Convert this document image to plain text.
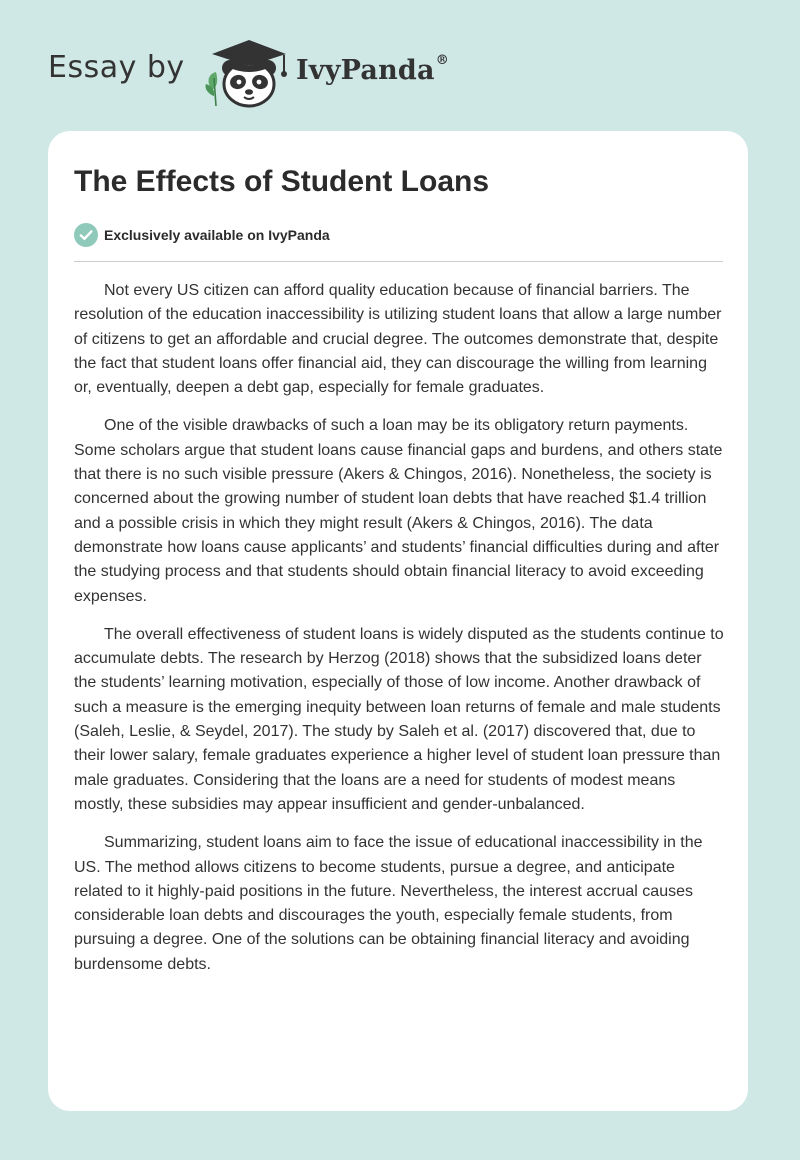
Essay by	IvyPanda®
The Effects of Student Loans
Exclusively available on IvyPanda

Not every US citizen can afford quality education because of financial barriers. The resolution of the education inaccessibility is utilizing student loans that allow a large number of citizens to get an affordable and crucial degree. The outcomes demonstrate that, despite the fact that student loans offer financial aid, they can discourage the willing from learning or, eventually, deepen a debt gap, especially for female graduates.

One of the visible drawbacks of such a loan may be its obligatory return payments. Some scholars argue that student loans cause financial gaps and burdens, and others state that there is no such visible pressure (Akers & Chingos, 2016). Nonetheless, the society is concerned about the growing number of student loan debts that have reached $1.4 trillion and a possible crisis in which they might result (Akers & Chingos, 2016). The data demonstrate how loans cause applicants’ and students’ financial difficulties during and after the studying process and that students should obtain financial literacy to avoid exceeding expenses.

The overall effectiveness of student loans is widely disputed as the students continue to accumulate debts. The research by Herzog (2018) shows that the subsidized loans deter the students’ learning motivation, especially of those of low income. Another drawback of such a measure is the emerging inequity between loan returns of female and male students (Saleh, Leslie, & Seydel, 2017). The study by Saleh et al. (2017) discovered that, due to their lower salary, female graduates experience a higher level of student loan pressure than male graduates. Considering that the loans are a need for students of modest means mostly, these subsidies may appear insufficient and gender-unbalanced.

Summarizing, student loans aim to face the issue of educational inaccessibility in the US. The method allows citizens to become students, pursue a degree, and anticipate related to it highly-paid positions in the future. Nevertheless, the interest accrual causes considerable loan debts and discourages the youth, especially female students, from pursuing a degree. One of the solutions can be obtaining financial literacy and avoiding burdensome debts.
